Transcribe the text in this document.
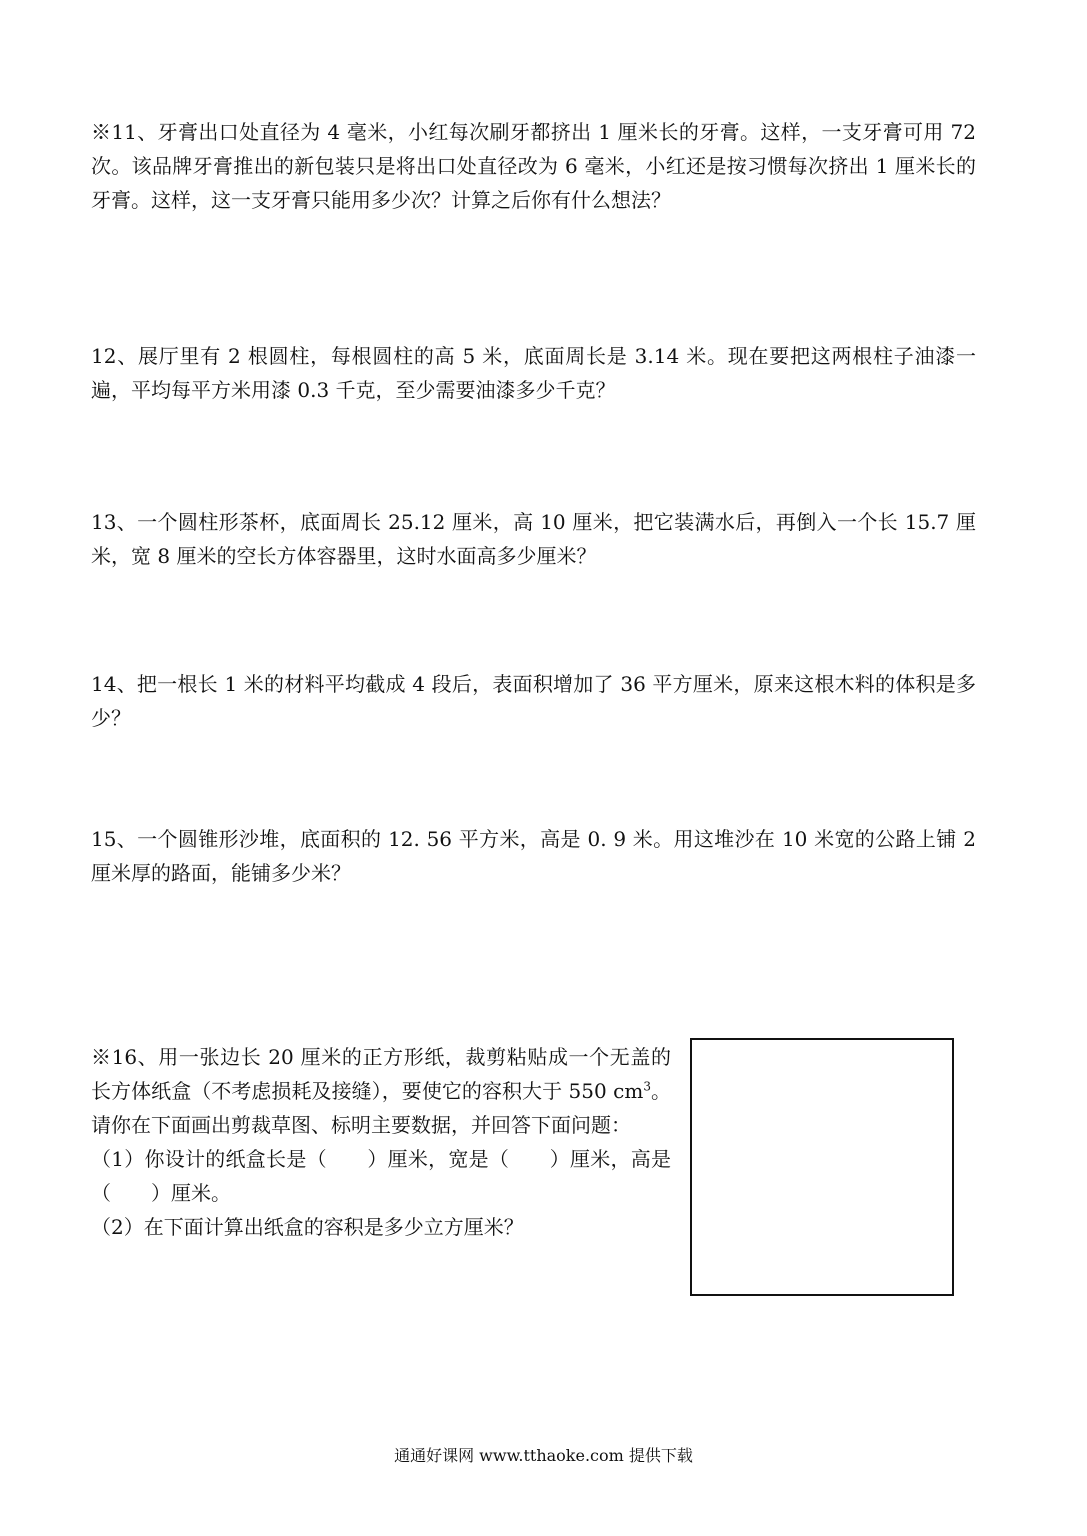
※11、牙膏出口处直径为 4 毫米，小红每次刷牙都挤出 1 厘米长的牙膏。这样，一支牙膏可用 72 次。该品牌牙膏推出的新包装只是将出口处直径改为 6 毫米，小红还是按习惯每次挤出 1 厘米长的牙膏。这样，这一支牙膏只能用多少次？计算之后你有什么想法？

12、展厅里有 2 根圆柱，每根圆柱的高 5 米，底面周长是 3.14 米。现在要把这两根柱子油漆一遍，平均每平方米用漆 0.3 千克，至少需要油漆多少千克？

13、一个圆柱形茶杯，底面周长 25.12 厘米，高 10 厘米，把它装满水后，再倒入一个长 15.7 厘米，宽 8 厘米的空长方体容器里，这时水面高多少厘米？

14、把一根长 1 米的材料平均截成 4 段后，表面积增加了 36 平方厘米，原来这根木料的体积是多少？

15、一个圆锥形沙堆，底面积的 12. 56 平方米，高是 0. 9 米。用这堆沙在 10 米宽的公路上铺 2 厘米厚的路面，能铺多少米？

※16、用一张边长 20 厘米的正方形纸，裁剪粘贴成一个无盖的长方体纸盒（不考虑损耗及接缝），要使它的容积大于 550 $cm^3$。请你在下面画出剪裁草图、标明主要数据，并回答下面问题：
（1）你设计的纸盒长是（　　）厘米，宽是（　　）厘米，高是（　　）厘米。
（2）在下面计算出纸盒的容积是多少立方厘米？
通通好课网 www.tthaoke.com 提供下载
